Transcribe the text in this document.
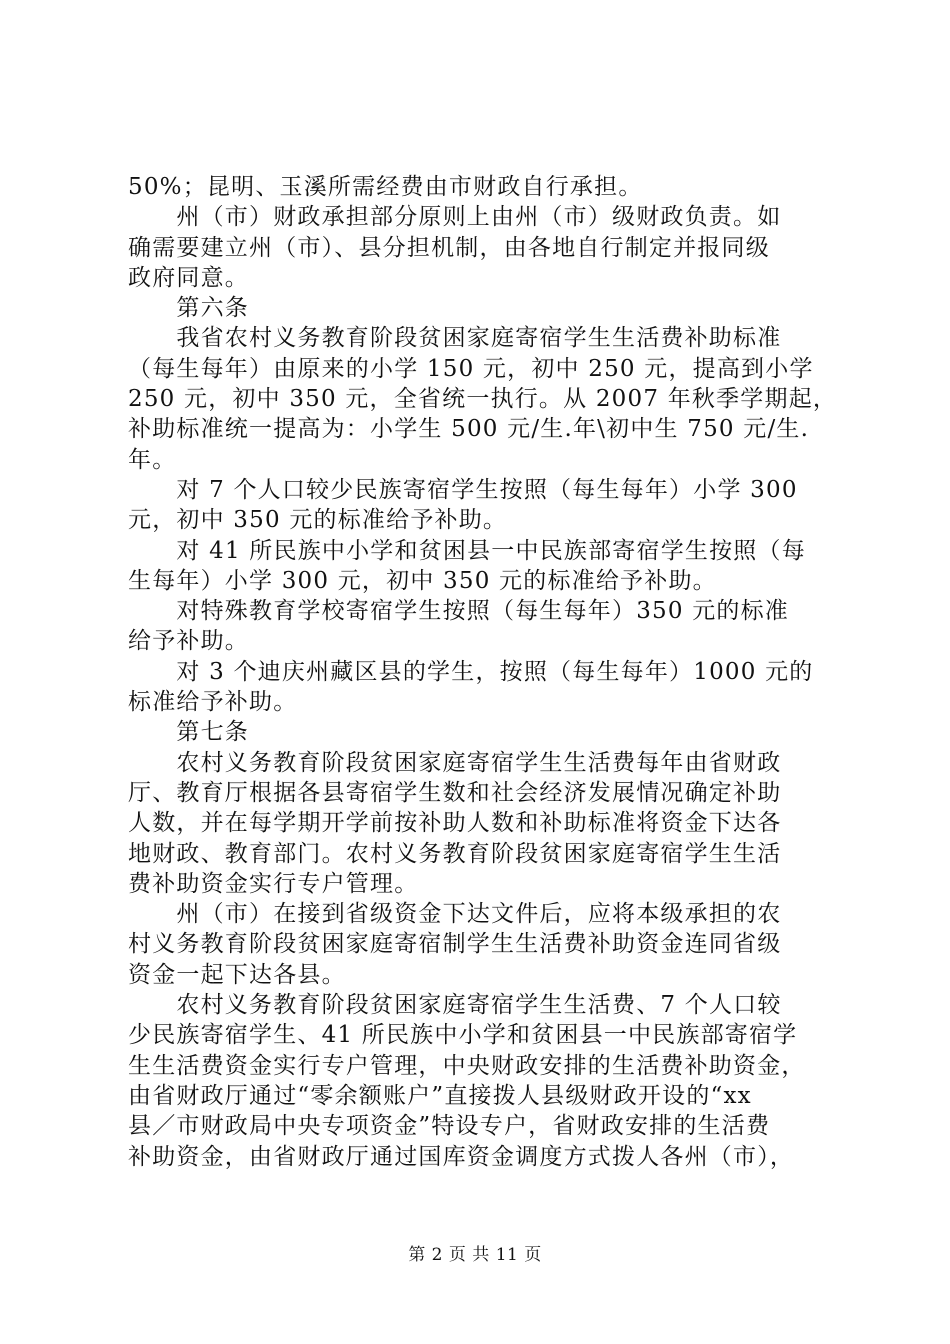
50%；昆明、玉溪所需经费由市财政自行承担。
　　州（市）财政承担部分原则上由州（市）级财政负责。如
确需要建立州（市）、县分担机制，由各地自行制定并报同级
政府同意。
　　第六条
　　我省农村义务教育阶段贫困家庭寄宿学生生活费补助标准
（每生每年）由原来的小学 150 元，初中 250 元，提高到小学
250 元，初中 350 元，全省统一执行。从 2007 年秋季学期起，
补助标准统一提高为：小学生 500 元/生.年\初中生 750 元/生.
年。
　　对 7 个人口较少民族寄宿学生按照（每生每年）小学 300
元，初中 350 元的标准给予补助。
　　对 41 所民族中小学和贫困县一中民族部寄宿学生按照（每
生每年）小学 300 元，初中 350 元的标准给予补助。
　　对特殊教育学校寄宿学生按照（每生每年）350 元的标准
给予补助。
　　对 3 个迪庆州藏区县的学生，按照（每生每年）1000 元的
标准给予补助。
　　第七条
　　农村义务教育阶段贫困家庭寄宿学生生活费每年由省财政
厅、教育厅根据各县寄宿学生数和社会经济发展情况确定补助
人数，并在每学期开学前按补助人数和补助标准将资金下达各
地财政、教育部门。农村义务教育阶段贫困家庭寄宿学生生活
费补助资金实行专户管理。
　　州（市）在接到省级资金下达文件后，应将本级承担的农
村义务教育阶段贫困家庭寄宿制学生生活费补助资金连同省级
资金一起下达各县。
　　农村义务教育阶段贫困家庭寄宿学生生活费、7 个人口较
少民族寄宿学生、41 所民族中小学和贫困县一中民族部寄宿学
生生活费资金实行专户管理，中央财政安排的生活费补助资金，
由省财政厅通过“零余额账户”直接拨人县级财政开设的“xx
县／市财政局中央专项资金”特设专户，省财政安排的生活费
补助资金，由省财政厅通过国库资金调度方式拨人各州（市），
第 2 页 共 11 页
